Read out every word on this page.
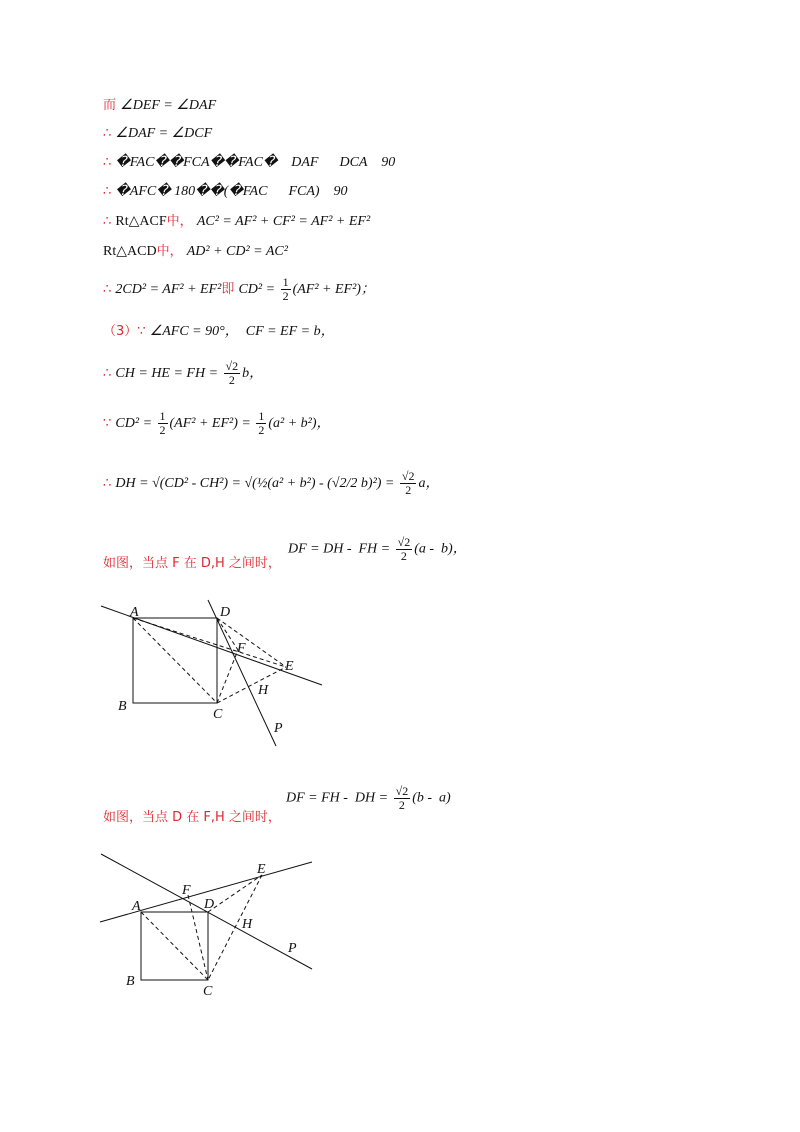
而 ∠DEF = ∠DAF
∴ ∠DAF = ∠DCF
∴ �FAC��FCA��FAC�    DAF      DCA    90
∴ �AFC� 180��(�FAC      FCA)    90
∴ Rt△ACF中， AC² = AF² + CF² = AF² + EF²
Rt△ACD中， AD² + CD² = AC²
∴ 2CD² = AF² + EF²即 $CD^2 = \frac{1}{2} (AF^2 + EF^2)$；
（3）∵ ∠AFC = 90°，  CF = EF = b，
∴ CH = HE = FH = $\frac{√2}{2}$ b，
∵ $CD^2 = \frac{1}{2} (AF^2 + EF^2) = \frac{1}{2} (a^2 + b^2)$，
∴ DH = √(CD² - CH²) = √(½(a² + b²) - (√2/2 $b)^2) = \frac{√2}{2}$ a，
如图，当点 F 在 D,H 之间时，
DF = DH -  FH = $\frac{√2}{2} (a - b)$，
A
B
C
D
E
F
H
P
如图，当点 D 在 F,H 之间时，
DF = FH -  DH = $\frac{√2}{2} (b - a)$
A
B
C
D
E
F
H
P
